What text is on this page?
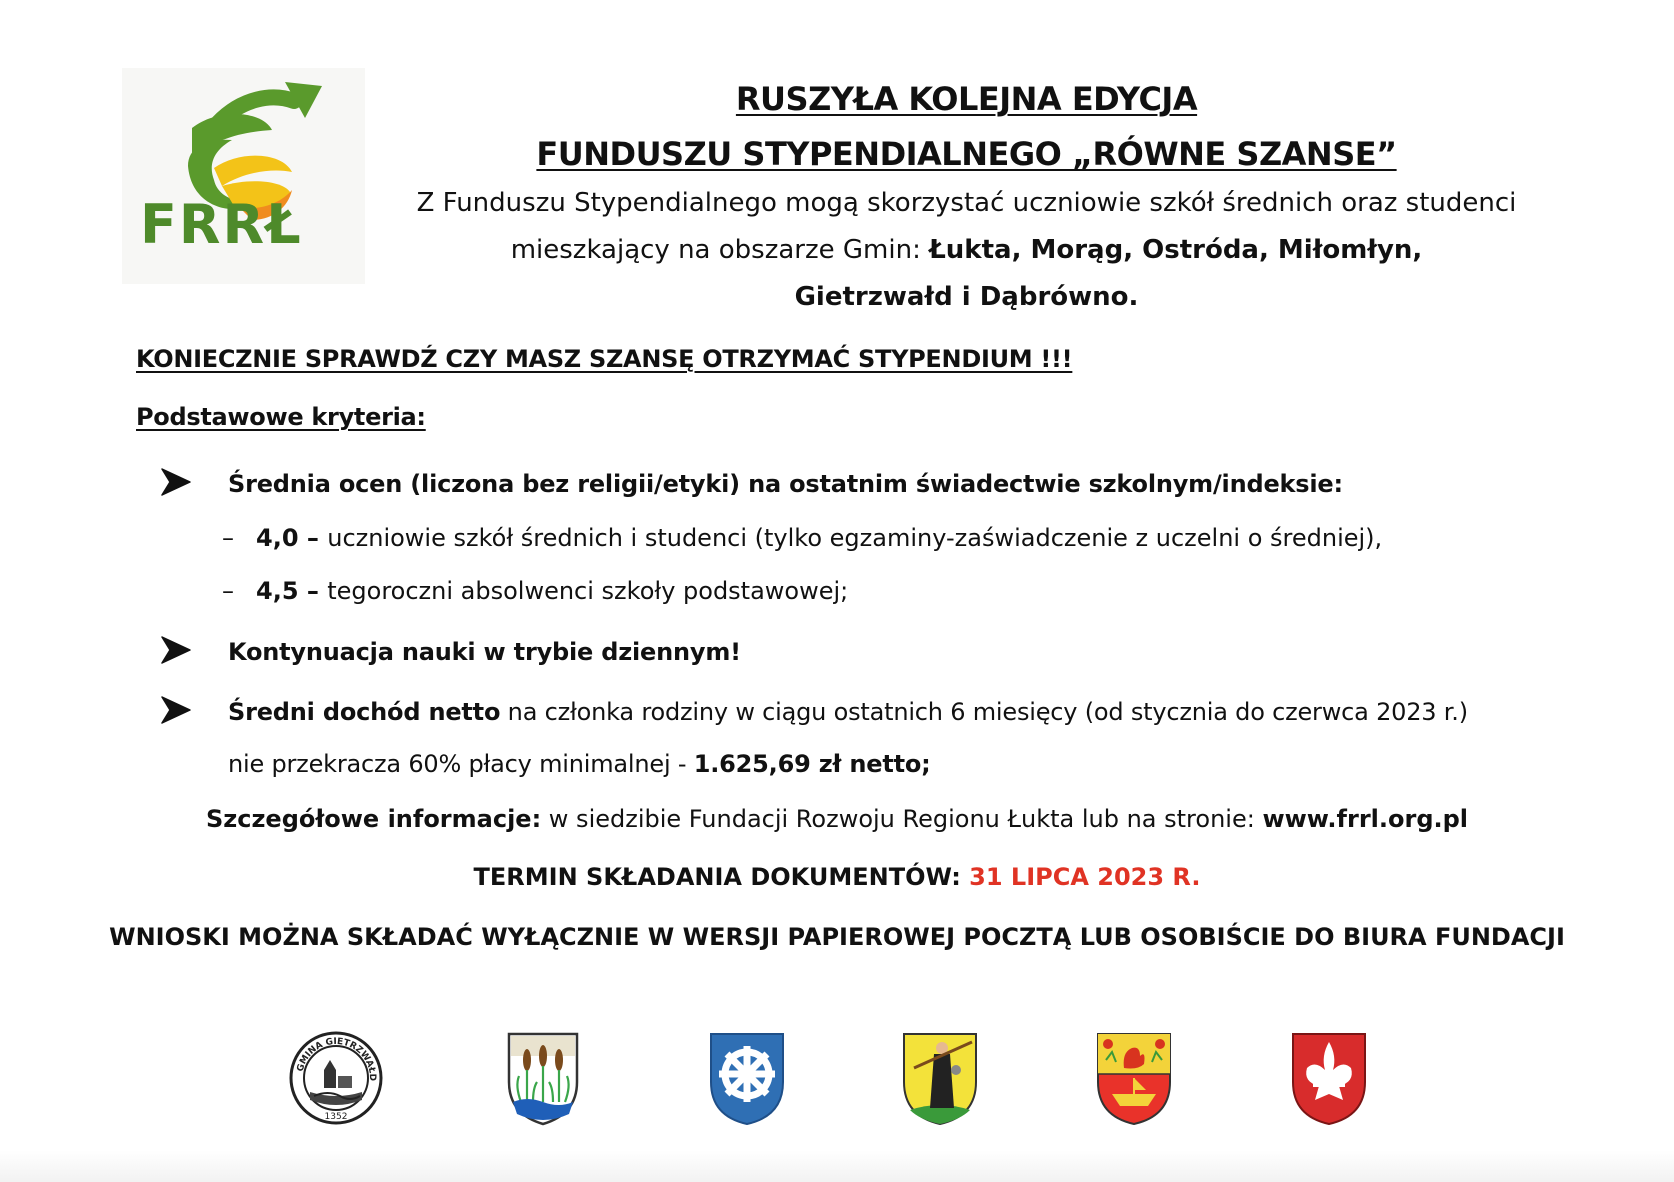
FRRŁ
RUSZYŁA KOLEJNA EDYCJA
FUNDUSZU STYPENDIALNEGO „RÓWNE SZANSE”
Z Funduszu Stypendialnego mogą skorzystać uczniowie szkół średnich oraz studenci
mieszkający na obszarze Gmin: Łukta, Morąg, Ostróda, Miłomłyn,
Gietrzwałd i Dąbrówno.
KONIECZNIE SPRAWDŹ CZY MASZ SZANSĘ OTRZYMAĆ STYPENDIUM !!!
Podstawowe kryteria:
Średnia ocen (liczona bez religii/etyki) na ostatnim świadectwie szkolnym/indeksie:
– 4,0 – uczniowie szkół średnich i studenci (tylko egzaminy-zaświadczenie z uczelni o średniej),
– 4,5 – tegoroczni absolwenci szkoły podstawowej;
Kontynuacja nauki w trybie dziennym!
Średni dochód netto na członka rodziny w ciągu ostatnich 6 miesięcy (od stycznia do czerwca 2023 r.)
nie przekracza 60% płacy minimalnej - 1.625,69 zł netto;
Szczegółowe informacje: w siedzibie Fundacji Rozwoju Regionu Łukta lub na stronie: www.frrl.org.pl
TERMIN SKŁADANIA DOKUMENTÓW: 31 LIPCA 2023 R.
WNIOSKI MOŻNA SKŁADAĆ WYŁĄCZNIE W WERSJI PAPIEROWEJ POCZTĄ LUB OSOBIŚCIE DO BIURA FUNDACJI
GMINA GIETRZWAŁD
1352
